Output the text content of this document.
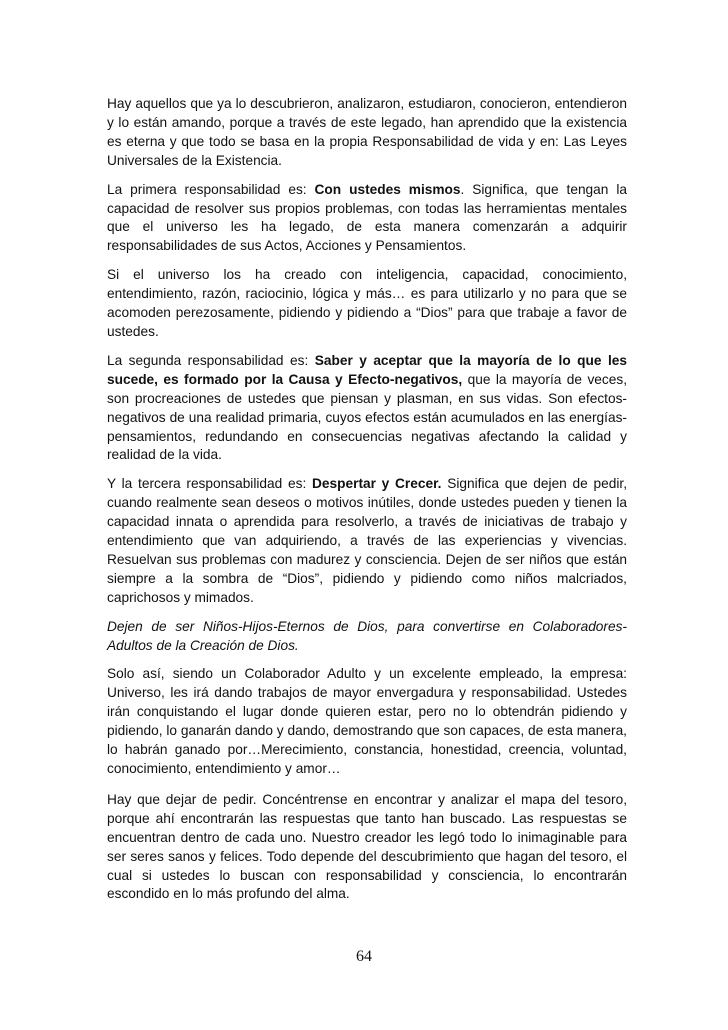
Hay aquellos que ya lo descubrieron, analizaron, estudiaron, conocieron, entendieron y lo están amando, porque a través de este legado, han aprendido que la existencia es eterna y que todo se basa en la propia Responsabilidad de vida y en: Las Leyes Universales de la Existencia.

La primera responsabilidad es: Con ustedes mismos. Significa, que tengan la capacidad de resolver sus propios problemas, con todas las herramientas mentales que el universo les ha legado, de esta manera comenzarán a adquirir responsabilidades de sus Actos, Acciones y Pensamientos.

Si el universo los ha creado con inteligencia, capacidad, conocimiento, entendimiento, razón, raciocinio, lógica y más… es para utilizarlo y no para que se acomoden perezosamente, pidiendo y pidiendo a “Dios” para que trabaje a favor de ustedes.

La segunda responsabilidad es: Saber y aceptar que la mayoría de lo que les sucede, es formado por la Causa y Efecto-negativos, que la mayoría de veces, son procreaciones de ustedes que piensan y plasman, en sus vidas. Son efectos-negativos de una realidad primaria, cuyos efectos están acumulados en las energías-pensamientos, redundando en consecuencias negativas afectando la calidad y realidad de la vida.

Y la tercera responsabilidad es: Despertar y Crecer. Significa que dejen de pedir, cuando realmente sean deseos o motivos inútiles, donde ustedes pueden y tienen la capacidad innata o aprendida para resolverlo, a través de iniciativas de trabajo y entendimiento que van adquiriendo, a través de las experiencias y vivencias. Resuelvan sus problemas con madurez y consciencia. Dejen de ser niños que están siempre a la sombra de “Dios”, pidiendo y pidiendo como niños malcriados, caprichosos y mimados.

Dejen de ser Niños-Hijos-Eternos de Dios, para convertirse en Colaboradores-Adultos de la Creación de Dios.

Solo así, siendo un Colaborador Adulto y un excelente empleado, la empresa: Universo, les irá dando trabajos de mayor envergadura y responsabilidad. Ustedes irán conquistando el lugar donde quieren estar, pero no lo obtendrán pidiendo y pidiendo, lo ganarán dando y dando, demostrando que son capaces, de esta manera, lo habrán ganado por…Merecimiento, constancia, honestidad, creencia, voluntad, conocimiento, entendimiento y amor…

Hay que dejar de pedir. Concéntrense en encontrar y analizar el mapa del tesoro, porque ahí encontrarán las respuestas que tanto han buscado. Las respuestas se encuentran dentro de cada uno. Nuestro creador les legó todo lo inimaginable para ser seres sanos y felices. Todo depende del descubrimiento que hagan del tesoro, el cual si ustedes lo buscan con responsabilidad y consciencia, lo encontrarán escondido en lo más profundo del alma.

64
